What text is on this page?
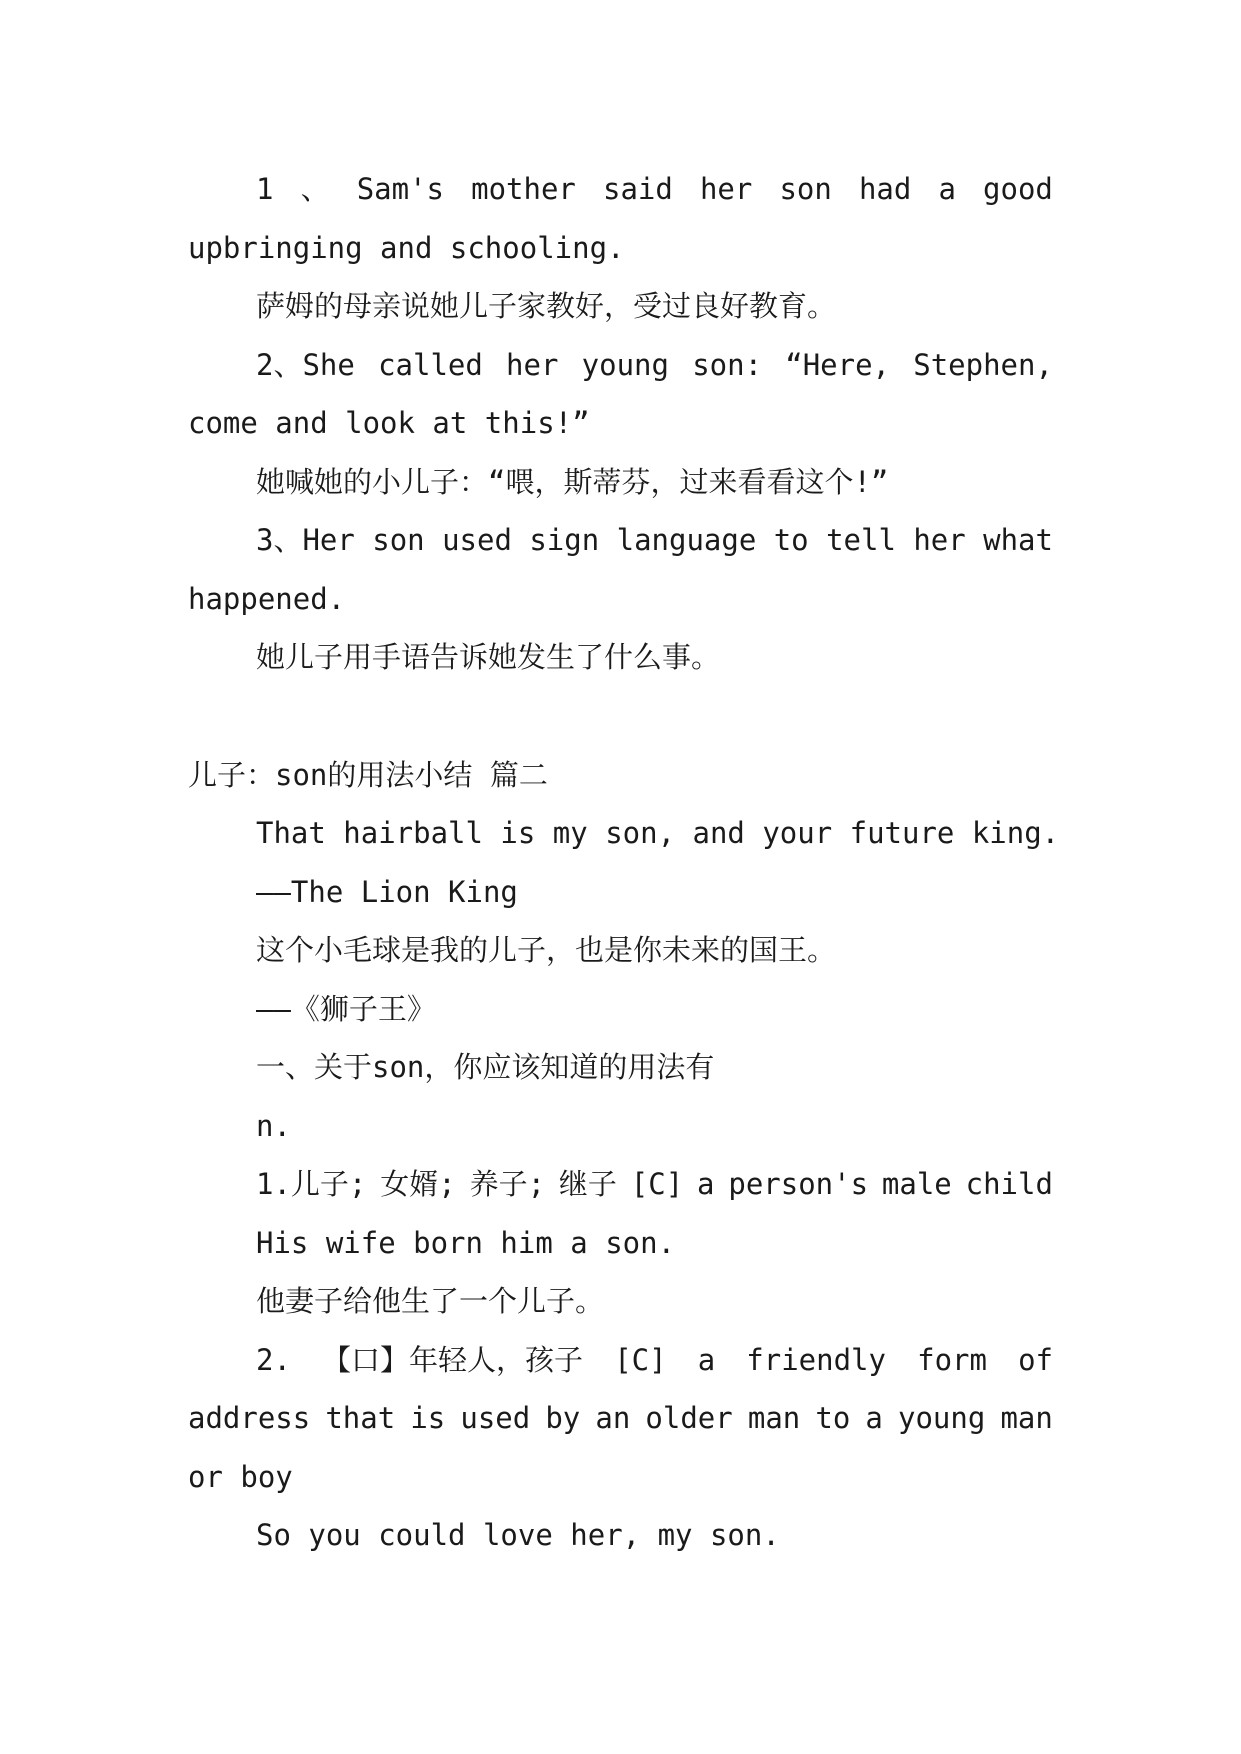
1 、 Sam's mother said her son had a good
upbringing and schooling.
萨姆的母亲说她儿子家教好，受过良好教育。
2、She called her young son: “Here, Stephen,
come and look at this!”
她喊她的小儿子：“喂，斯蒂芬，过来看看这个!”
3、Her son used sign language to tell her what
happened.
她儿子用手语告诉她发生了什么事。
儿子：son的用法小结 篇二
That hairball is my son, and your future king.
——The Lion King
这个小毛球是我的儿子，也是你未来的国王。
——《狮子王》
一、关于son，你应该知道的用法有
n.
1.儿子; 女婿; 养子; 继子 [C] a person's male child
His wife born him a son.
他妻子给他生了一个儿子。
2. 【口】年轻人，孩子 [C] a friendly form of
address that is used by an older man to a young man
or boy
So you could love her, my son.
